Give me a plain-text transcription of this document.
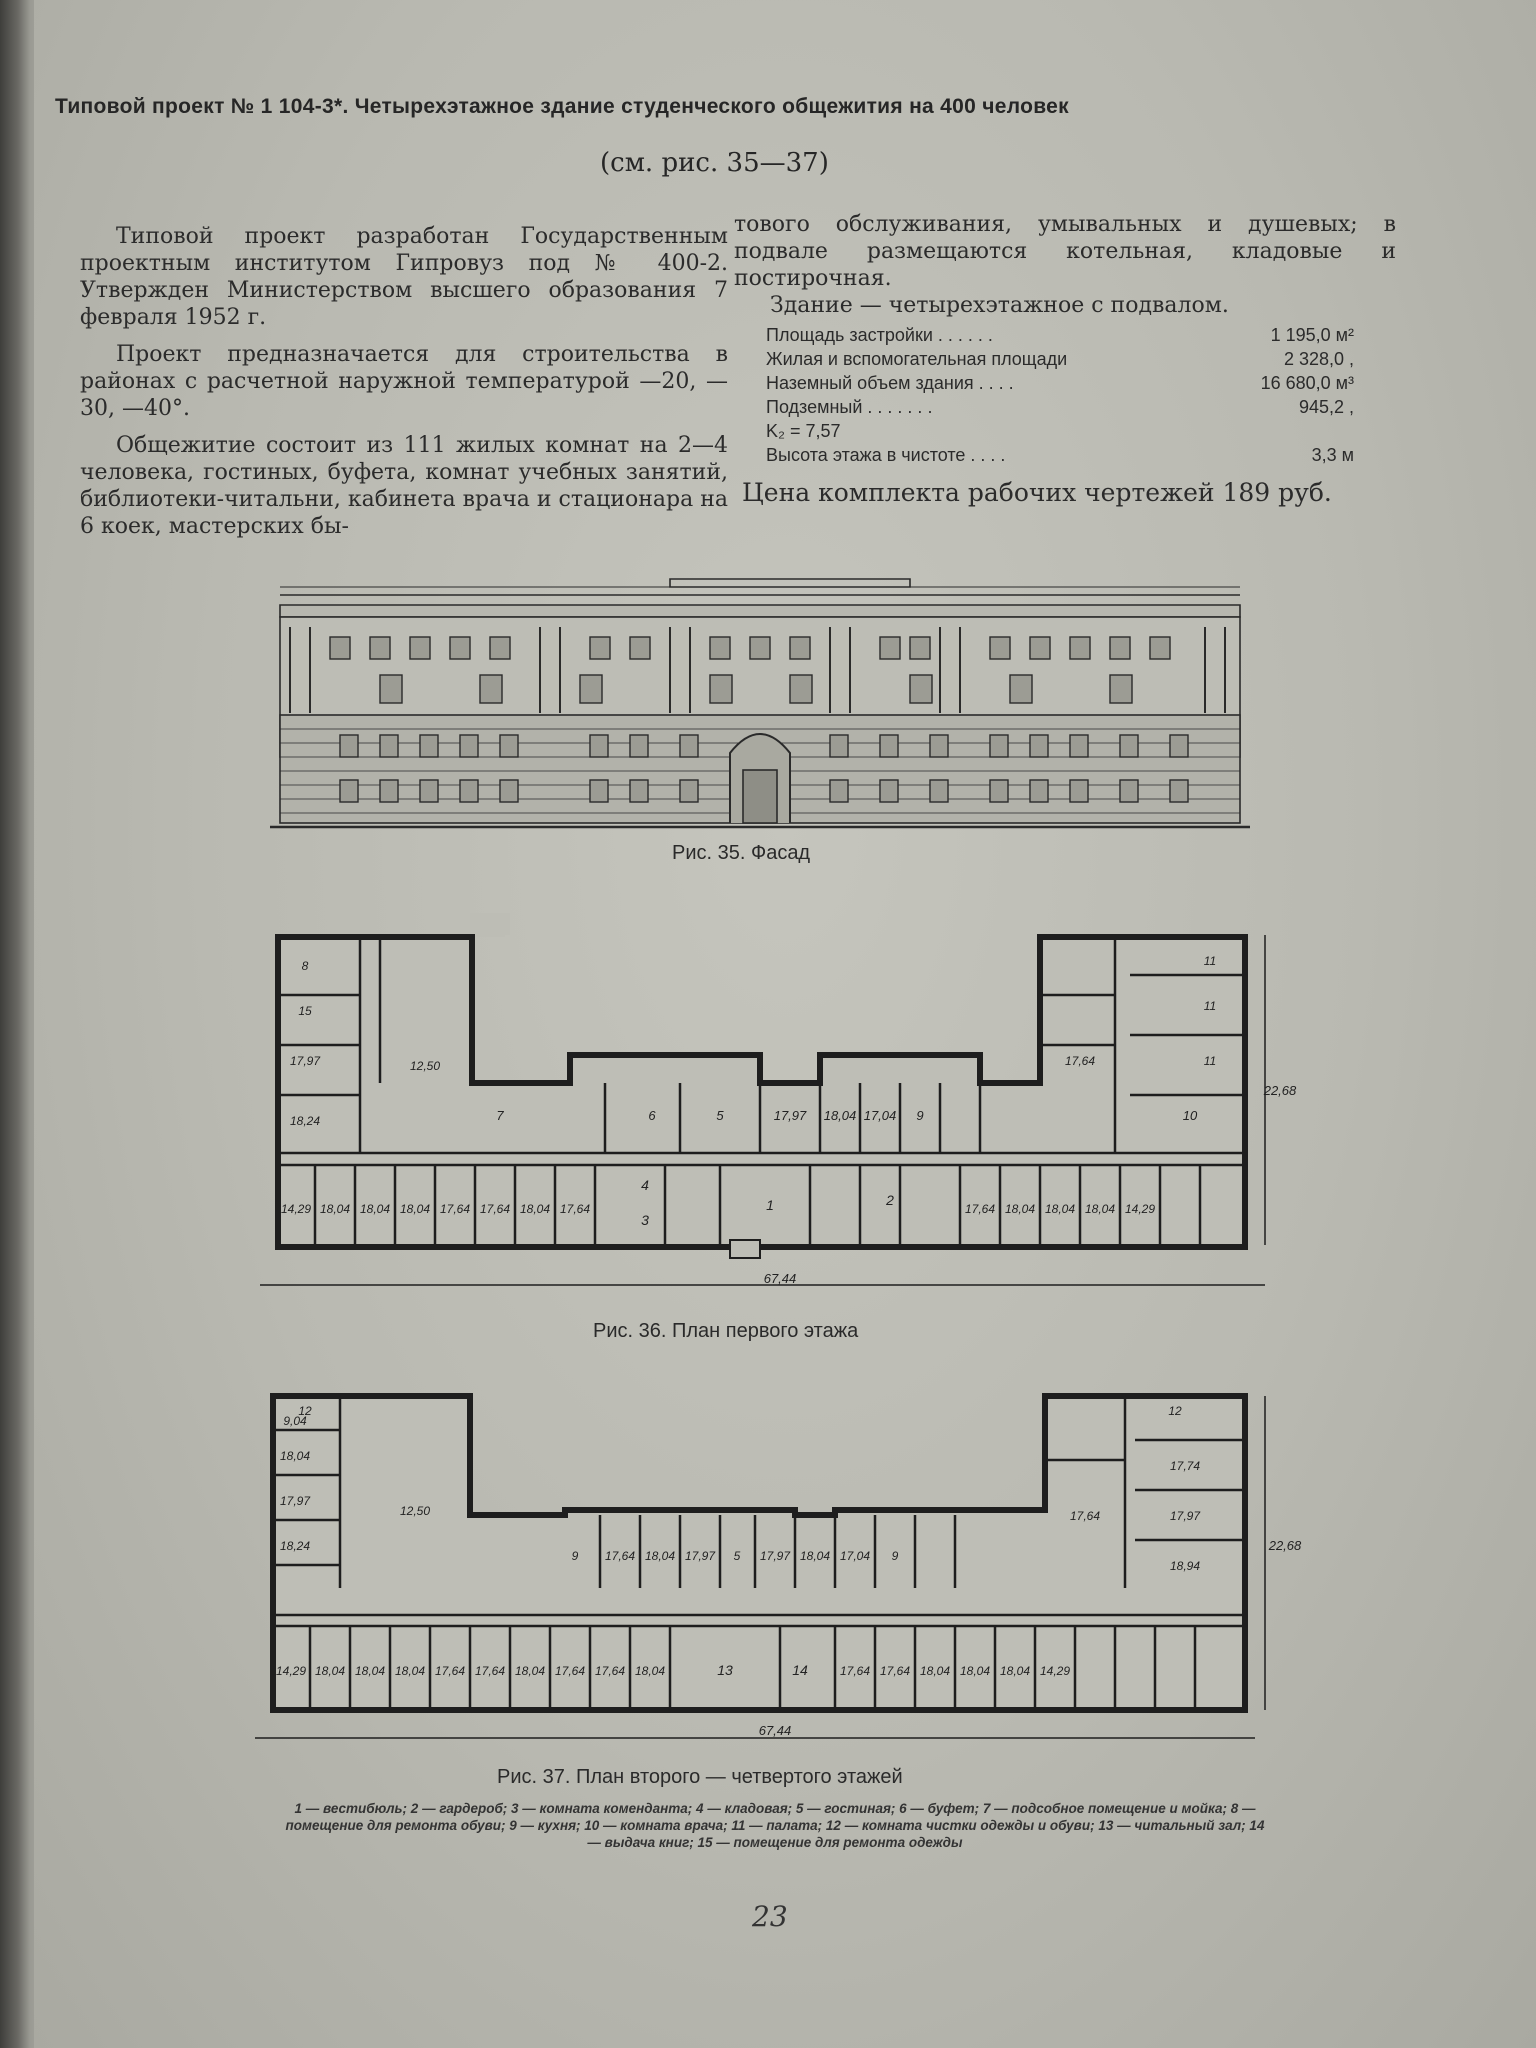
Типовой проект № 1 104-3*. Четырехэтажное здание студенческого общежития на 400 человек
(см. рис. 35—37)

Типовой проект разработан Государственным проектным институтом Гипровуз под № 400-2. Утвержден Министерством высшего образования 7 февраля 1952 г.

Проект предназначается для строительства в районах с расчетной наружной температурой —20, —30, —40°.

Общежитие состоит из 111 жилых комнат на 2—4 человека, гостиных, буфета, комнат учебных занятий, библиотеки-читальни, кабинета врача и стационара на 6 коек, мастерских бы-

тового обслуживания, умывальных и душевых; в подвале размещаются котельная, кладовые и постирочная.

Здание — четырехэтажное с подвалом.

Площадь застройки . . . . . .	1 195,0 м²
Жилая и вспомогательная площади	2 328,0 ,
Наземный объем здания . . . .	16 680,0 м³
Подземный . . . . . . .	945,2 ,
K₂ = 7,57
Высота этажа в чистоте . . . .	3,3 м
Цена комплекта рабочих чертежей 189 руб.
Рис. 35. Фасад
14,29 18,04 18,04 18,04 17,64 17,64 18,04 17,64	17,64 18,04 18,04 18,04 14,29
6	5	17,97 18,04 17,04 9	10
7
1	2
3
4
8
15
17,97
18,24
12,50
11
11
11
17,64
67,44
22,68
Рис. 36. План первого этажа
14,29 18,04 18,04 18,04 17,64 17,64 18,04 17,64 17,64 18,04	17,64 17,64 18,04 18,04 18,04 14,29
9 17,64 18,04 17,97 5 17,97 18,04 17,04 9
13	14
12
9,04
18,04
17,97
18,24
12,50
12
17,74
17,97
18,94
17,64
67,44
22,68
Рис. 37. План второго — четвертого этажей
1 — вестибюль; 2 — гардероб; 3 — комната коменданта; 4 — кладовая; 5 — гостиная; 6 — буфет; 7 — подсобное помещение и мойка; 8 — помещение для ремонта обуви; 9 — кухня; 10 — комната врача; 11 — палата; 12 — комната чистки одежды и обуви; 13 — читальный зал; 14 — выдача книг; 15 — помещение для ремонта одежды
23
